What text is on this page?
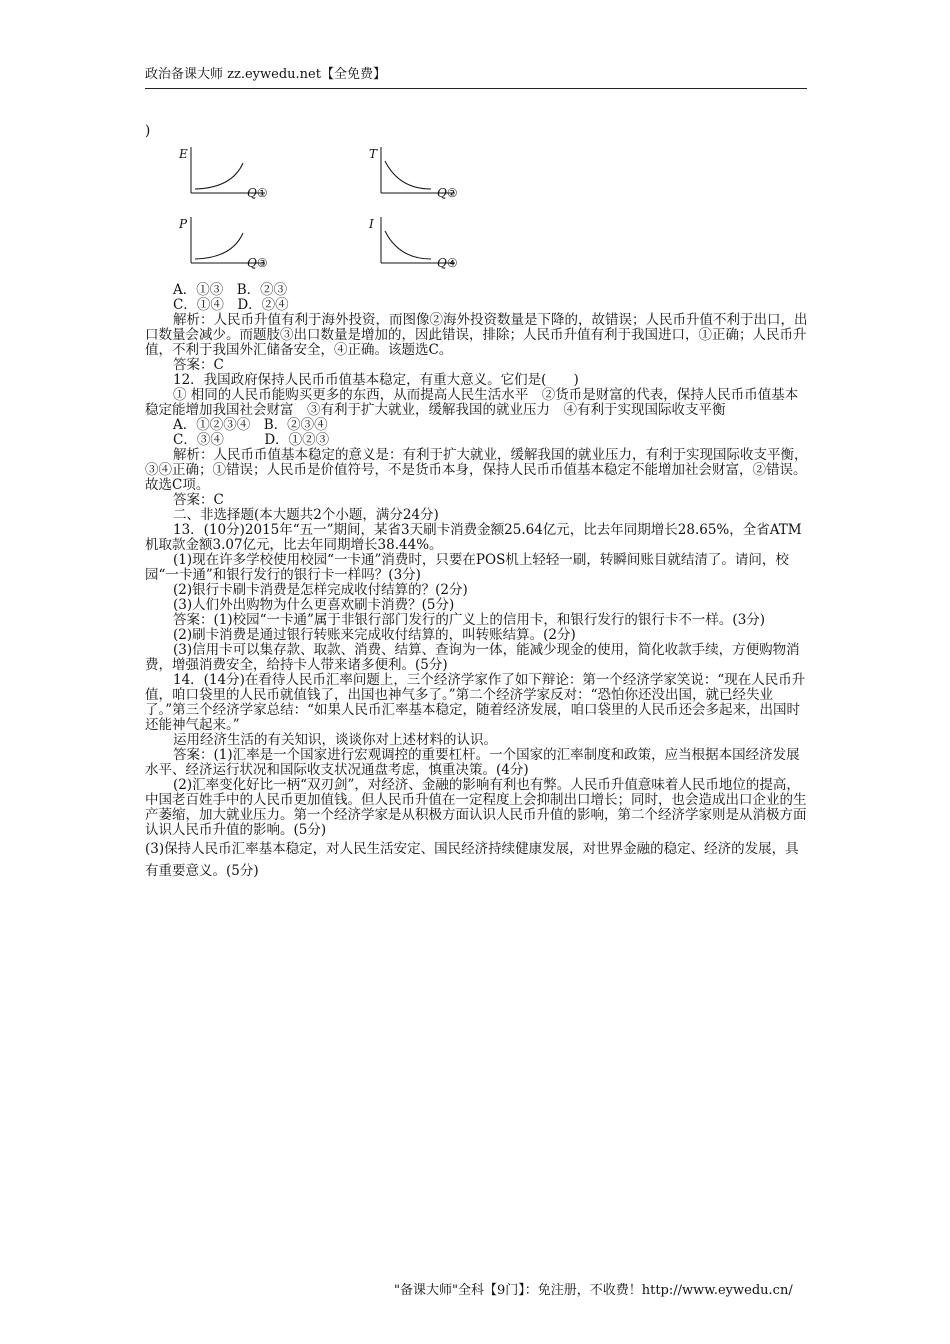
政治备课大师 zz.eywedu.net【全免费】

)

E
Q①
T
Q②
P
Q③
I
Q④

A．①③　B．②③

C．①④　D．②④

解析：人民币升值有利于海外投资，而图像②海外投资数量是下降的，故错误；人民币升值不利于出口，出口数量会减少。而题肢③出口数量是增加的，因此错误，排除；人民币升值有利于我国进口，①正确；人民币升值，不利于我国外汇储备安全，④正确。该题选C。

答案：C

12．我国政府保持人民币币值基本稳定，有重大意义。它们是(　　)

① 相同的人民币能购买更多的东西，从而提高人民生活水平　②货币是财富的代表，保持人民币币值基本稳定能增加我国社会财富　③有利于扩大就业，缓解我国的就业压力　④有利于实现国际收支平衡

A．①②③④　B．②③④

C．③④　　　D．①②③

解析：人民币币值基本稳定的意义是：有利于扩大就业，缓解我国的就业压力，有利于实现国际收支平衡，③④正确；①错误；人民币是价值符号，不是货币本身，保持人民币币值基本稳定不能增加社会财富，②错误。故选C项。

答案：C

二、非选择题(本大题共2个小题，满分24分)

13．(10分)2015年“五一”期间，某省3天刷卡消费金额25.64亿元，比去年同期增长28.65%，全省ATM机取款金额3.07亿元，比去年同期增长38.44%。

(1)现在许多学校使用校园“一卡通”消费时，只要在POS机上轻轻一刷，转瞬间账目就结清了。请问，校园“一卡通”和银行发行的银行卡一样吗？(3分)

(2)银行卡刷卡消费是怎样完成收付结算的？(2分)

(3)人们外出购物为什么更喜欢刷卡消费？(5分)

答案：(1)校园“一卡通”属于非银行部门发行的广义上的信用卡，和银行发行的银行卡不一样。(3分)

(2)刷卡消费是通过银行转账来完成收付结算的，叫转账结算。(2分)

(3)信用卡可以集存款、取款、消费、结算、查询为一体，能减少现金的使用，简化收款手续，方便购物消费，增强消费安全，给持卡人带来诸多便利。(5分)

14．(14分)在看待人民币汇率问题上，三个经济学家作了如下辩论：第一个经济学家笑说：“现在人民币升值，咱口袋里的人民币就值钱了，出国也神气多了。”第二个经济学家反对：“恐怕你还没出国，就已经失业了。”第三个经济学家总结：“如果人民币汇率基本稳定，随着经济发展，咱口袋里的人民币还会多起来，出国时还能神气起来。”

运用经济生活的有关知识，谈谈你对上述材料的认识。

答案：(1)汇率是一个国家进行宏观调控的重要杠杆。一个国家的汇率制度和政策，应当根据本国经济发展水平、经济运行状况和国际收支状况通盘考虑，慎重决策。(4分)

(2)汇率变化好比一柄“双刃剑”，对经济、金融的影响有利也有弊。人民币升值意味着人民币地位的提高，中国老百姓手中的人民币更加值钱。但人民币升值在一定程度上会抑制出口增长；同时，也会造成出口企业的生产萎缩，加大就业压力。第一个经济学家是从积极方面认识人民币升值的影响，第二个经济学家则是从消极方面认识人民币升值的影响。(5分)

(3)保持人民币汇率基本稳定，对人民生活安定、国民经济持续健康发展，对世界金融的稳定、经济的发展，具有重要意义。(5分)

"备课大师"全科【9门】：免注册，不收费！http://www.eywedu.cn/
